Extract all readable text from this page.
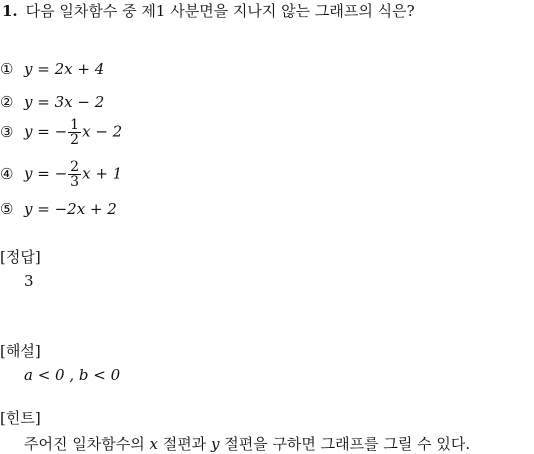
1. 다음 일차함수 중 제1 사분면을 지나지 않는 그래프의 식은?
① y = 2x + 4
② y = 3x − 2
③ y = − $\frac{1}{2}$ x − 2
④ y = − $\frac{2}{3}$ x + 1
⑤ y = −2x + 2
[정답]
3
[해설]
a < 0 , b < 0
[힌트]
주어진 일차함수의 x 절편과 y 절편을 구하면 그래프를 그릴 수 있다.
